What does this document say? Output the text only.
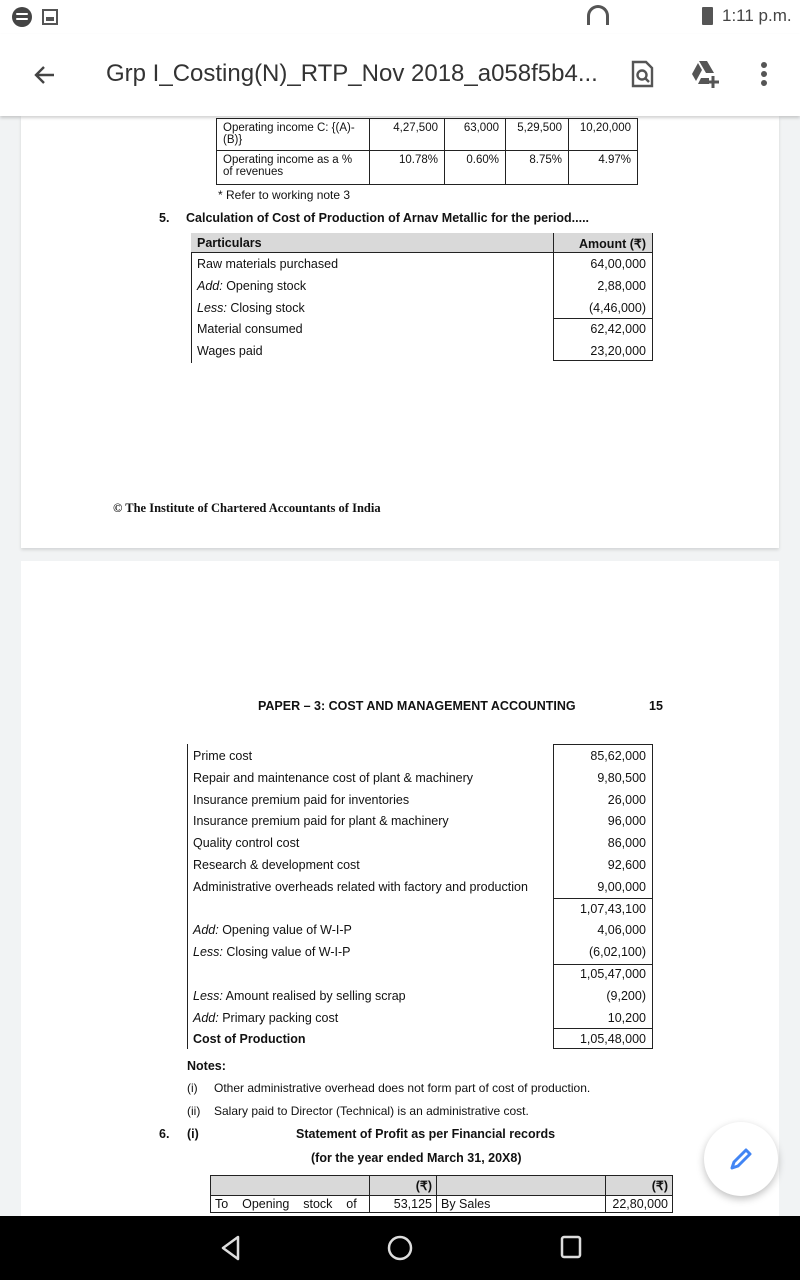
1:11 p.m.
Grp I_Costing(N)_RTP_Nov 2018_a058f5b4...
Operating income C: {(A)- (B)}	4,27,500	63,000	5,29,500	10,20,000
Operating income as a % of revenues	10.78%	0.60%	8.75%	4.97%
* Refer to working note 3
5. Calculation of Cost of Production of Arnav Metallic for the period.....
Particulars	Amount (₹)
Raw materials purchased	64,00,000
Add: Opening stock	2,88,000
Less: Closing stock	(4,46,000)
Material consumed	62,42,000
Wages paid	23,20,000
© The Institute of Chartered Accountants of India
PAPER – 3: COST AND MANAGEMENT ACCOUNTING	15
Prime cost	85,62,000
Repair and maintenance cost of plant & machinery	9,80,500
Insurance premium paid for inventories	26,000
Insurance premium paid for plant & machinery	96,000
Quality control cost	86,000
Research & development cost	92,600
Administrative overheads related with factory and production	9,00,000
1,07,43,100
Add: Opening value of W-I-P	4,06,000
Less: Closing value of W-I-P	(6,02,100)
1,05,47,000
Less: Amount realised by selling scrap	(9,200)
Add: Primary packing cost	10,200
Cost of Production	1,05,48,000
Notes:
(i) Other administrative overhead does not form part of cost of production.
(ii) Salary paid to Director (Technical) is an administrative cost.
6. (i)	Statement of Profit as per Financial records
(for the year ended March 31, 20X8)
	(₹)		(₹)
To    Opening    stock    of	53,125	By Sales	22,80,000
